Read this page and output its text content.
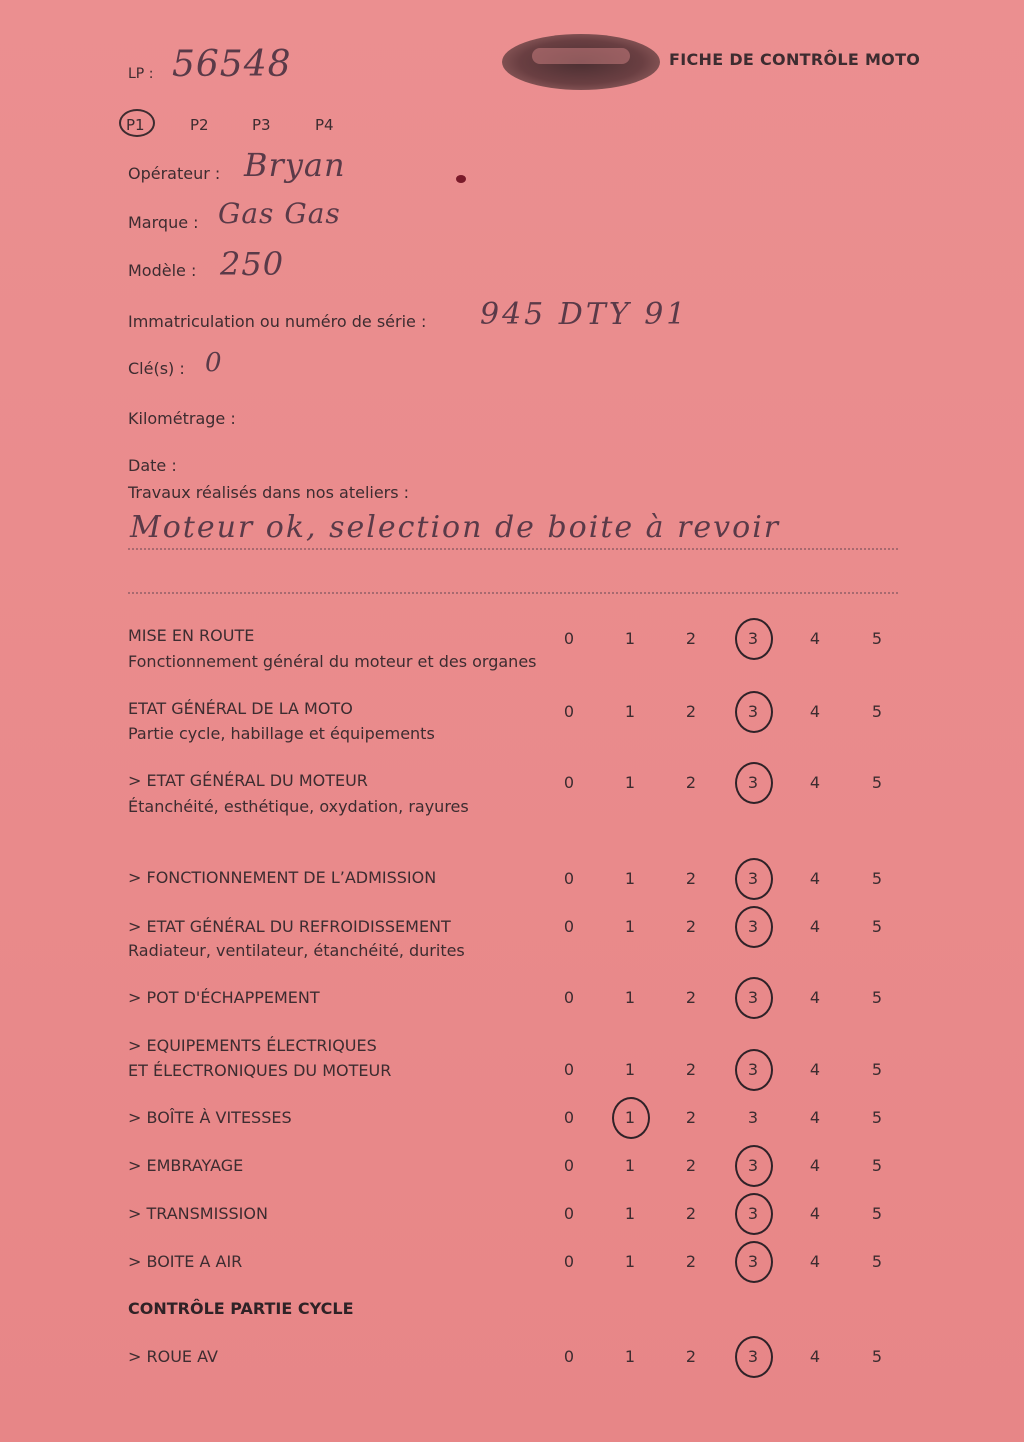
FICHE DE CONTRÔLE MOTO
LP : 56548
P1	P2	P3	P4
Opérateur : Bryan
Marque : Gas Gas
Modèle : 250
Immatriculation ou numéro de série : 945 DTY 91
Clé(s) : 0
Kilométrage :
Date :
Travaux réalisés dans nos ateliers :
Moteur ok, selection de boite à revoir
MISE EN ROUTE
Fonctionnement général du moteur et des organes
0	1	2	3	4	5
ETAT GÉNÉRAL DE LA MOTO
Partie cycle, habillage et équipements
0	1	2	3	4	5
> ETAT GÉNÉRAL DU MOTEUR
Étanchéité, esthétique, oxydation, rayures
0	1	2	3	4	5
> FONCTIONNEMENT DE L’ADMISSION	0	1	2	3	4	5
> ETAT GÉNÉRAL DU REFROIDISSEMENT
Radiateur, ventilateur, étanchéité, durites
0	1	2	3	4	5
> POT D'ÉCHAPPEMENT	0	1	2	3	4	5
> EQUIPEMENTS ÉLECTRIQUES
ET ÉLECTRONIQUES DU MOTEUR	0	1	2	3	4	5
> BOÎTE À VITESSES	0	1	2	3	4	5
> EMBRAYAGE	0	1	2	3	4	5
> TRANSMISSION	0	1	2	3	4	5
> BOITE A AIR	0	1	2	3	4	5
CONTRÔLE PARTIE CYCLE
> ROUE AV	0	1	2	3	4	5
